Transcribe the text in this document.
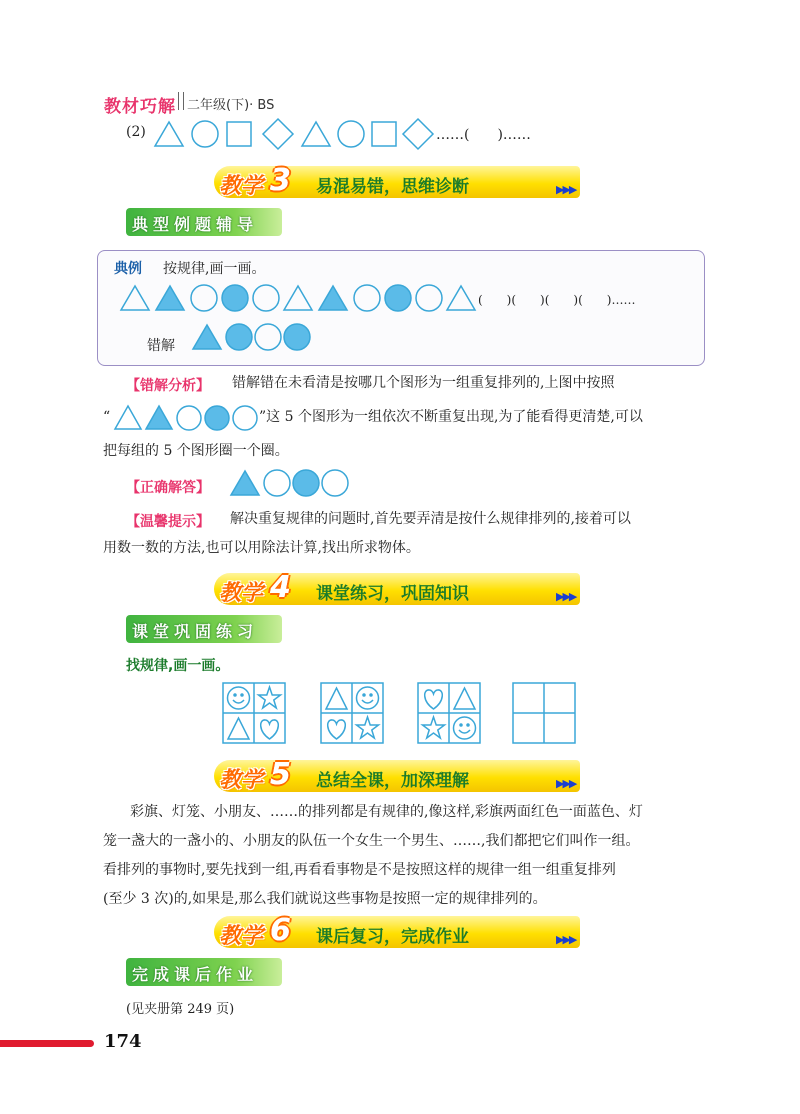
教材巧解 二年级(下)· BS
(2)	……(　　)……
教学 3 易混易错，思维诊断	▶▶▶
典型例题辅导
典例 按规律,画一画。
(　　)(　　)(　　)(　　)……
错解
【错解分析】 错解错在未看清是按哪几个图形为一组重复排列的,上图中按照
“	”这 5 个图形为一组依次不断重复出现,为了能看得更清楚,可以
把每组的 5 个图形圈一个圈。
【正确解答】
【温馨提示】 解决重复规律的问题时,首先要弄清是按什么规律排列的,接着可以
用数一数的方法,也可以用除法计算,找出所求物体。
教学 4 课堂练习，巩固知识	▶▶▶
课堂巩固练习
找规律,画一画。
教学 5 总结全课，加深理解	▶▶▶
彩旗、灯笼、小朋友、……的排列都是有规律的,像这样,彩旗两面红色一面蓝色、灯
笼一盏大的一盏小的、小朋友的队伍一个女生一个男生、……,我们都把它们叫作一组。
看排列的事物时,要先找到一组,再看看事物是不是按照这样的规律一组一组重复排列
(至少 3 次)的,如果是,那么我们就说这些事物是按照一定的规律排列的。
教学 6 课后复习，完成作业	▶▶▶
完成课后作业
(见夹册第 249 页)
174
